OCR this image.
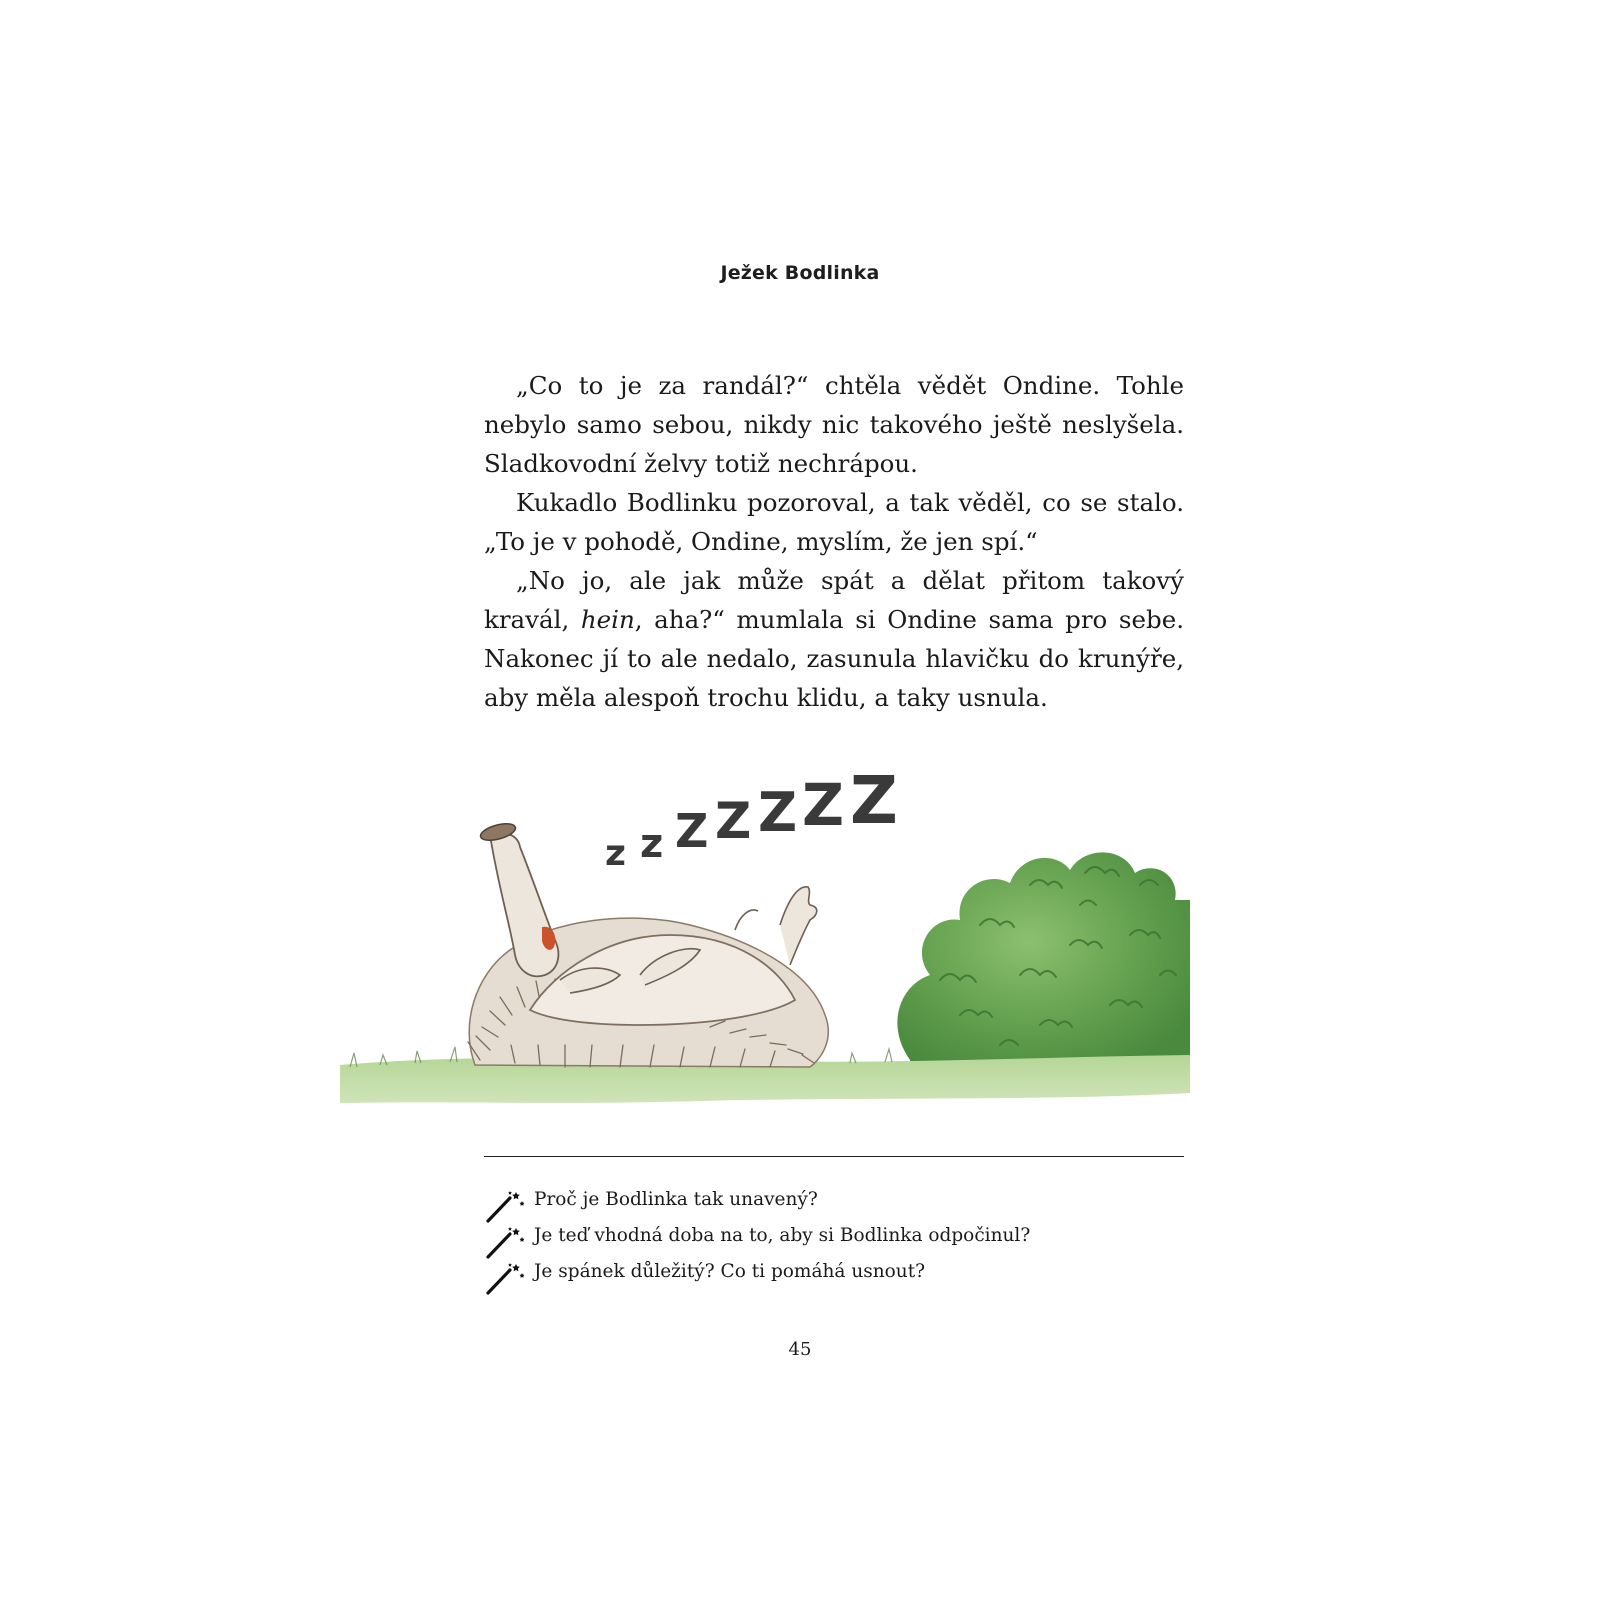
Ježek Bodlinka

„Co to je za randál?“ chtěla vědět Ondine. Tohle nebylo samo sebou, nikdy nic takového ještě neslyšela. Sladkovodní želvy totiž nechrápou.

Kukadlo Bodlinku pozoroval, a tak věděl, co se stalo. „To je v pohodě, Ondine, myslím, že jen spí.“

„No jo, ale jak může spát a dělat přitom takový kravál, hein, aha?“ mumlala si Ondine sama pro sebe. Nakonec jí to ale nedalo, zasunula hlavičku do krunýře, aby měla alespoň trochu klidu, a taky usnula.

z z Z Z Z Z Z
Proč je Bodlinka tak unavený?
Je teď vhodná doba na to, aby si Bodlinka odpočinul?
Je spánek důležitý? Co ti pomáhá usnout?
45
